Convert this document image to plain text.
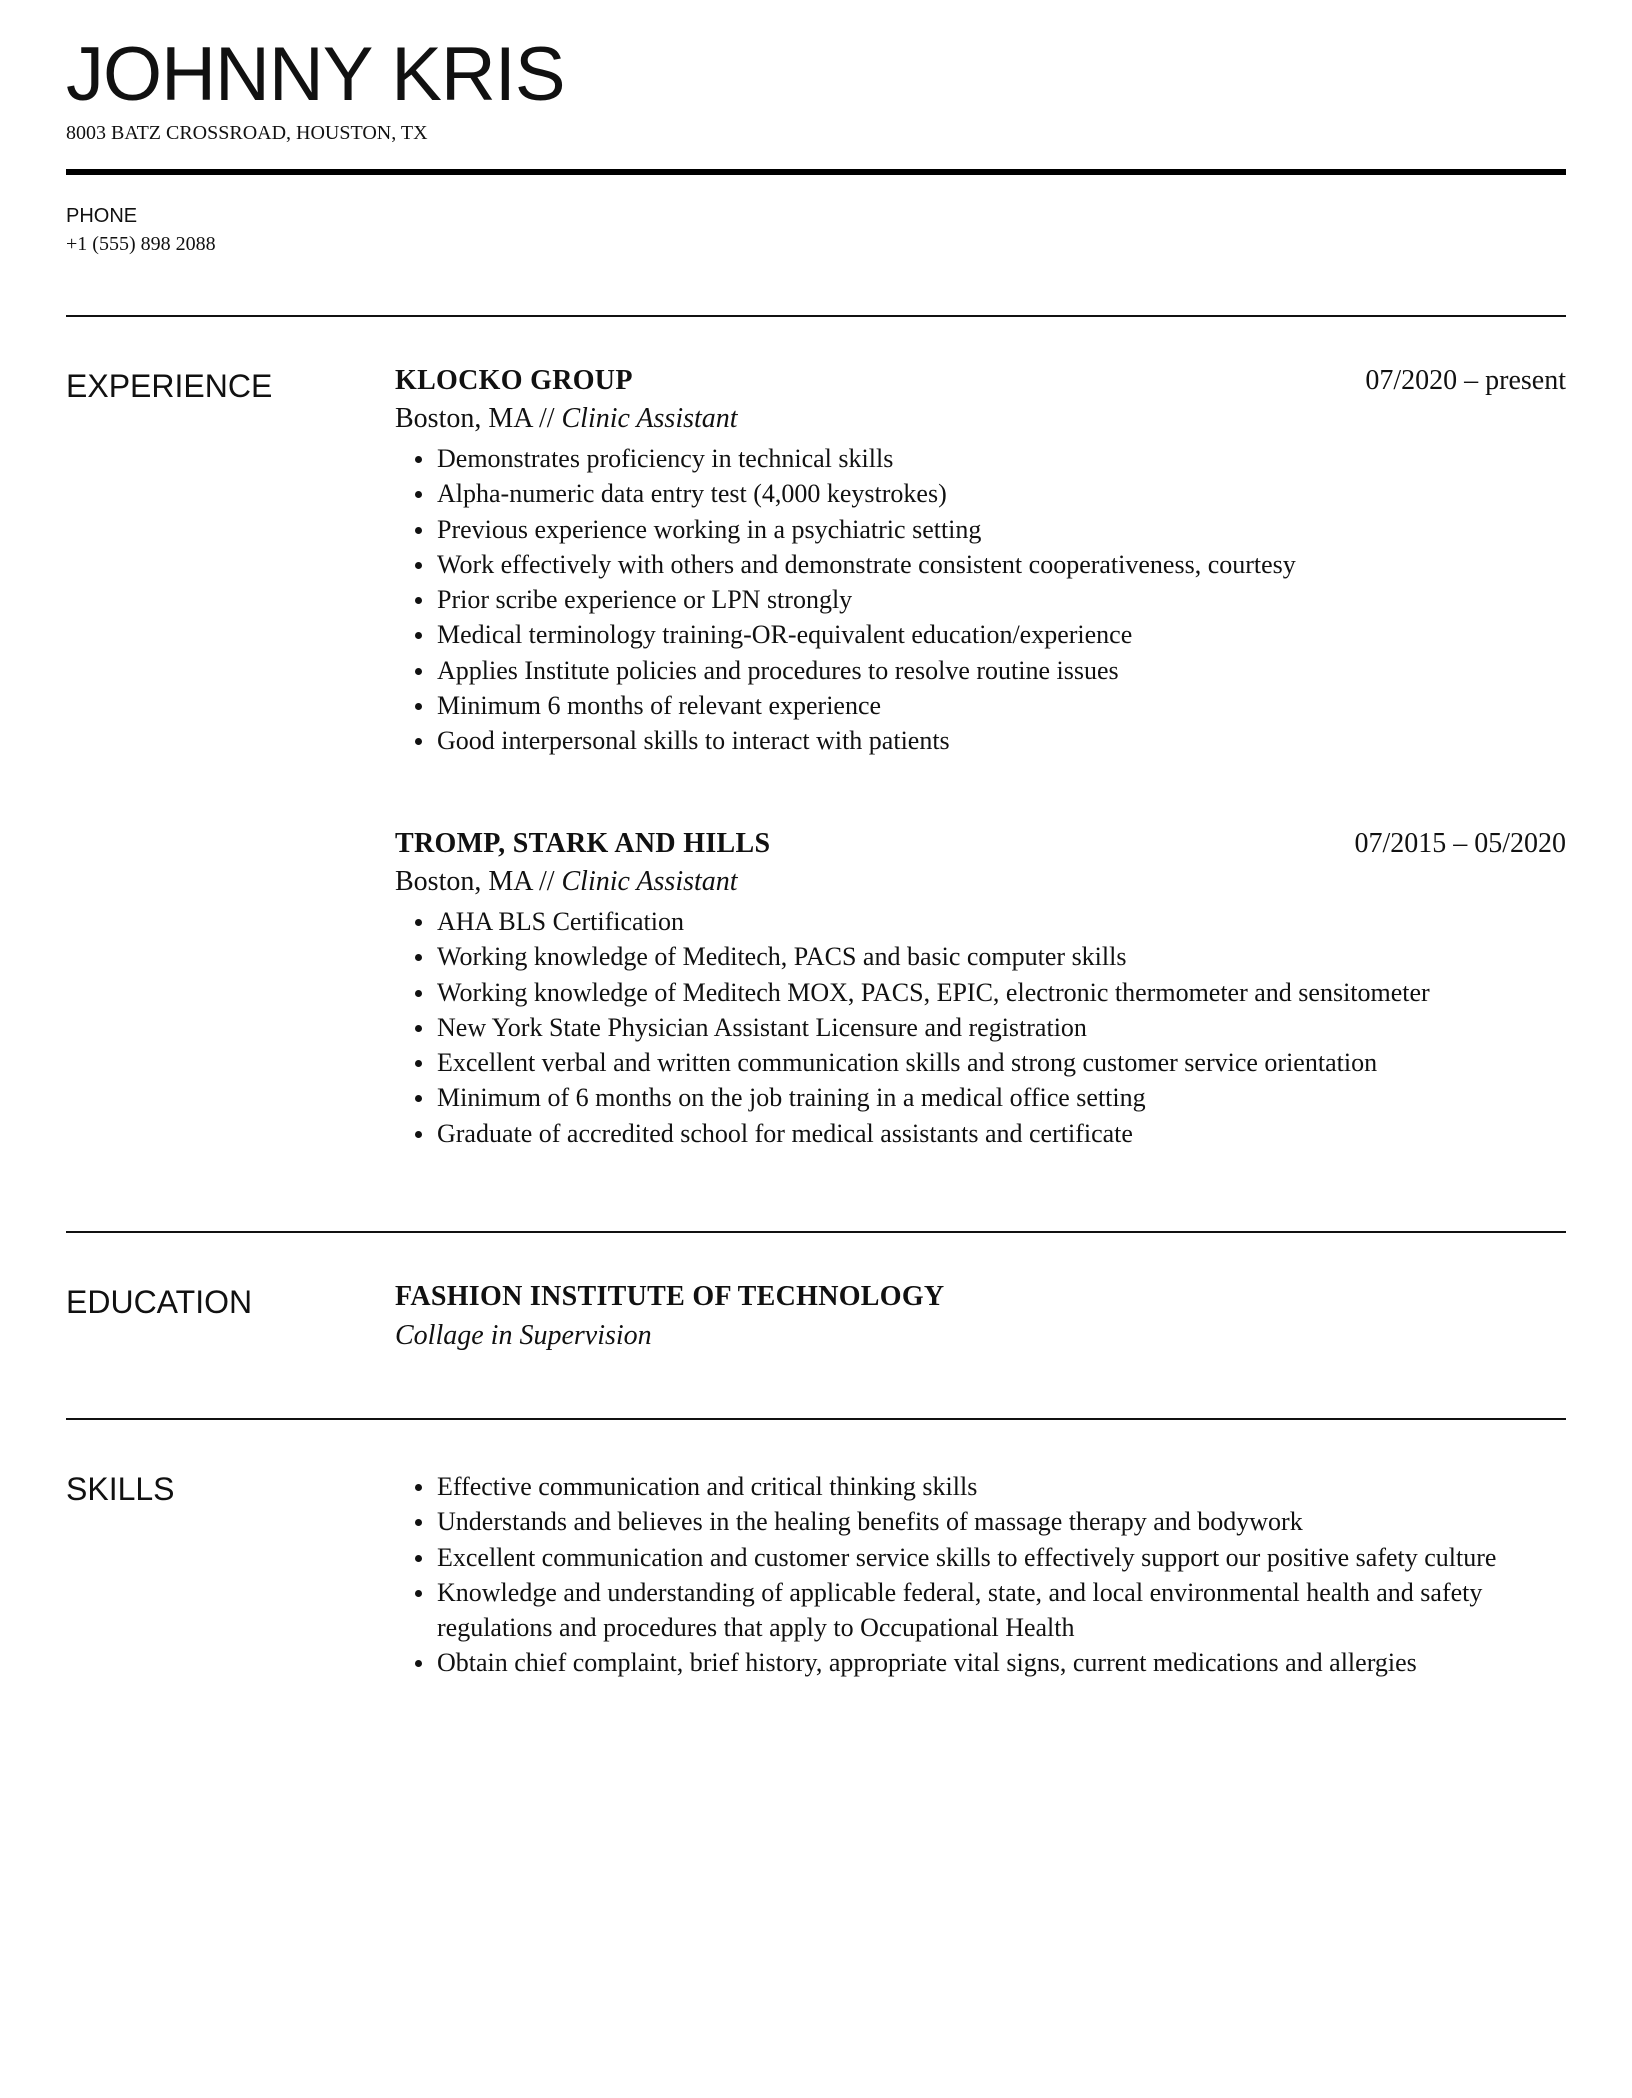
JOHNNY KRIS
8003 BATZ CROSSROAD, HOUSTON, TX
PHONE
+1 (555) 898 2088
EXPERIENCE	KLOCKO GROUP	07/2020 – present
Boston, MA // Clinic Assistant
Demonstrates proficiency in technical skills
Alpha-numeric data entry test (4,000 keystrokes)
Previous experience working in a psychiatric setting
Work effectively with others and demonstrate consistent cooperativeness, courtesy
Prior scribe experience or LPN strongly
Medical terminology training-OR-equivalent education/experience
Applies Institute policies and procedures to resolve routine issues
Minimum 6 months of relevant experience
Good interpersonal skills to interact with patients
TROMP, STARK AND HILLS	07/2015 – 05/2020
Boston, MA // Clinic Assistant
AHA BLS Certification
Working knowledge of Meditech, PACS and basic computer skills
Working knowledge of Meditech MOX, PACS, EPIC, electronic thermometer and sensitometer
New York State Physician Assistant Licensure and registration
Excellent verbal and written communication skills and strong customer service orientation
Minimum of 6 months on the job training in a medical office setting
Graduate of accredited school for medical assistants and certificate
EDUCATION	FASHION INSTITUTE OF TECHNOLOGY
Collage in Supervision
SKILLS	Effective communication and critical thinking skills
Understands and believes in the healing benefits of massage therapy and bodywork
Excellent communication and customer service skills to effectively support our positive safety culture
Knowledge and understanding of applicable federal, state, and local environmental health and safety regulations and procedures that apply to Occupational Health
Obtain chief complaint, brief history, appropriate vital signs, current medications and allergies
